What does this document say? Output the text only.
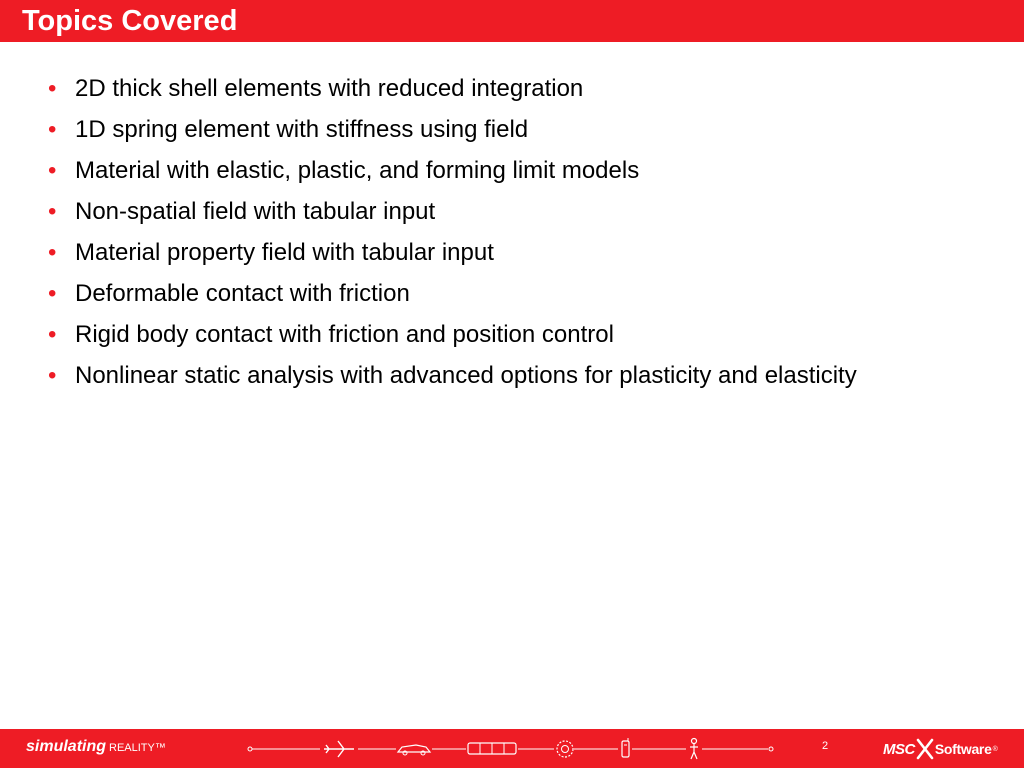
Topics Covered
• 2D thick shell elements with reduced integration
• 1D spring element with stiffness using field
• Material with elastic, plastic, and forming limit models
• Non-spatial field with tabular input
• Material property field with tabular input
• Deformable contact with friction
• Rigid body contact with friction and position control
• Nonlinear static analysis with advanced options for plasticity and elasticity
simulating REALITY™	2	MSC Software ®
